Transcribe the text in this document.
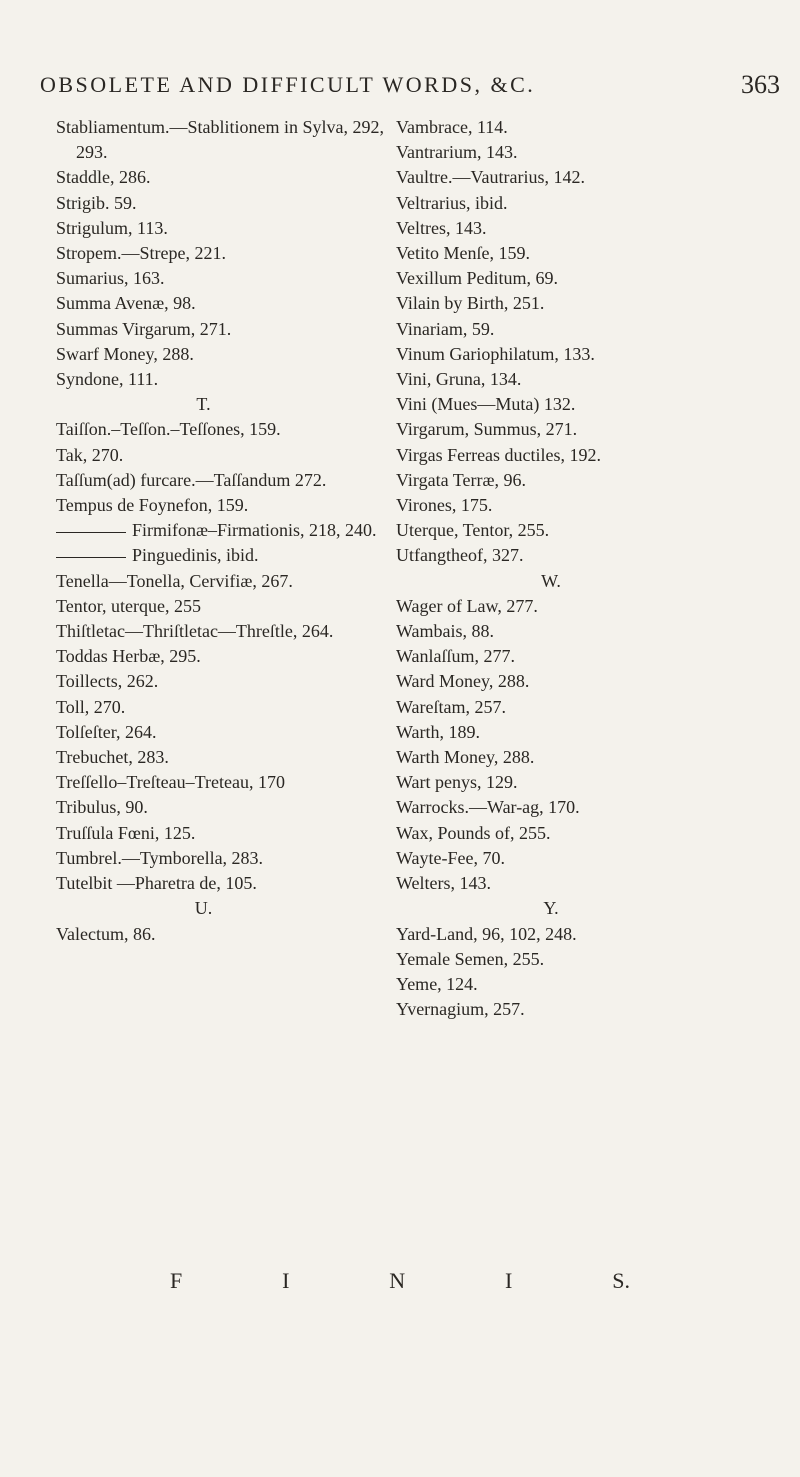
OBSOLETE AND DIFFICULT WORDS, &C.	363
Stabliamentum.—Stablitionem in Sylva, 292, 293.
Staddle, 286.
Strigib. 59.
Strigulum, 113.
Stropem.—Strepe, 221.
Sumarius, 163.
Summa Avenæ, 98.
Summas Virgarum, 271.
Swarf Money, 288.
Syndone, 111.
T.
Taiſſon.–Teſſon.–Teſſones, 159.
Tak, 270.
Taſſum(ad) furcare.—Taſſandum 272.
Tempus de Foynefon, 159.
Firmifonæ–Firmationis, 218, 240.
Pinguedinis, ibid.
Tenella—Tonella, Cervifiæ, 267.
Tentor, uterque, 255
Thiſtletac—Thriſtletac—Threſtle, 264.
Toddas Herbæ, 295.
Toillects, 262.
Toll, 270.
Tolſeſter, 264.
Trebuchet, 283.
Treſſello–Treſteau–Treteau, 170
Tribulus, 90.
Truſſula Fœni, 125.
Tumbrel.—Tymborella, 283.
Tutelbit —Pharetra de, 105.
U.
Valectum, 86.
Vambrace, 114.
Vantrarium, 143.
Vaultre.—Vautrarius, 142.
Veltrarius, ibid.
Veltres, 143.
Vetito Menſe, 159.
Vexillum Peditum, 69.
Vilain by Birth, 251.
Vinariam, 59.
Vinum Gariophilatum, 133.
Vini, Gruna, 134.
Vini (Mues—Muta) 132.
Virgarum, Summus, 271.
Virgas Ferreas ductiles, 192.
Virgata Terræ, 96.
Virones, 175.
Uterque, Tentor, 255.
Utfangtheof, 327.
W.
Wager of Law, 277.
Wambais, 88.
Wanlaſſum, 277.
Ward Money, 288.
Wareſtam, 257.
Warth, 189.
Warth Money, 288.
Wart penys, 129.
Warrocks.—War-ag, 170.
Wax, Pounds of, 255.
Wayte-Fee, 70.
Welters, 143.
Y.
Yard-Land, 96, 102, 248.
Yemale Semen, 255.
Yeme, 124.
Yvernagium, 257.
F	I	N	I	S.
